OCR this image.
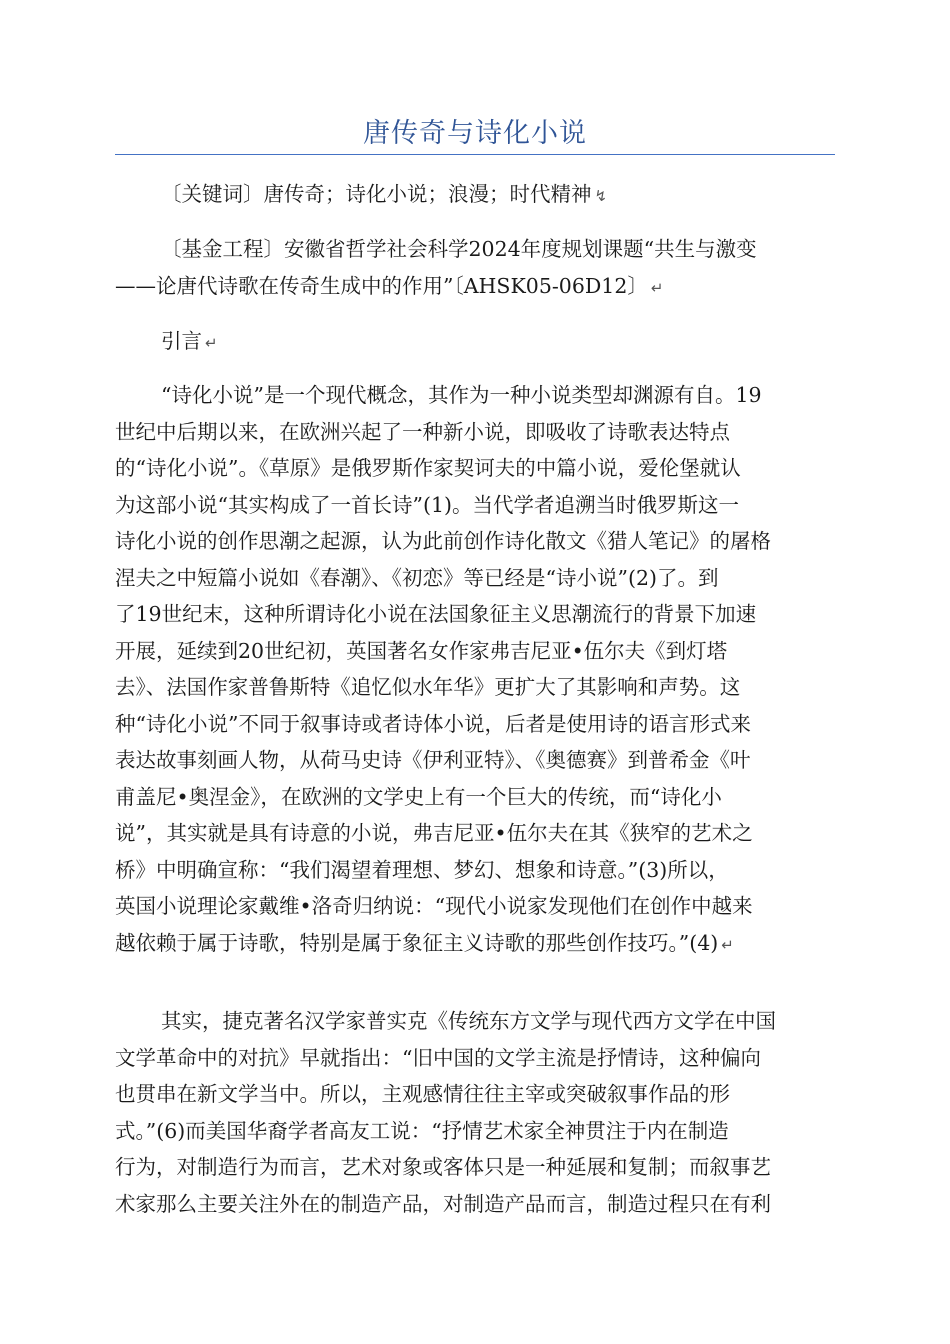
唐传奇与诗化小说

〔关键词〕唐传奇；诗化小说；浪漫；时代精神 ↯

〔基金工程〕安徽省哲学社会科学2024年度规划课题“共生与激变
——论唐代诗歌在传奇生成中的作用”〔AHSK05-06D12〕 ↵

引言 ↵

“诗化小说”是一个现代概念，其作为一种小说类型却渊源有自。19
世纪中后期以来，在欧洲兴起了一种新小说，即吸收了诗歌表达特点
的“诗化小说”。《草原》是俄罗斯作家契诃夫的中篇小说，爱伦堡就认
为这部小说“其实构成了一首长诗”(1)。当代学者追溯当时俄罗斯这一
诗化小说的创作思潮之起源，认为此前创作诗化散文《猎人笔记》的屠格
涅夫之中短篇小说如《春潮》、《初恋》等已经是“诗小说”(2)了。到
了19世纪末，这种所谓诗化小说在法国象征主义思潮流行的背景下加速
开展，延续到20世纪初，英国著名女作家弗吉尼亚•伍尔夫《到灯塔
去》、法国作家普鲁斯特《追忆似水年华》更扩大了其影响和声势。这
种“诗化小说”不同于叙事诗或者诗体小说，后者是使用诗的语言形式来
表达故事刻画人物，从荷马史诗《伊利亚特》、《奥德赛》到普希金《叶
甫盖尼•奥涅金》，在欧洲的文学史上有一个巨大的传统，而“诗化小
说”，其实就是具有诗意的小说，弗吉尼亚•伍尔夫在其《狭窄的艺术之
桥》中明确宣称：“我们渴望着理想、梦幻、想象和诗意。”(3)所以，
英国小说理论家戴维•洛奇归纳说：“现代小说家发现他们在创作中越来
越依赖于属于诗歌，特别是属于象征主义诗歌的那些创作技巧。”(4) ↵
其实，捷克著名汉学家普实克《传统东方文学与现代西方文学在中国
文学革命中的对抗》早就指出：“旧中国的文学主流是抒情诗，这种偏向
也贯串在新文学当中。所以，主观感情往往主宰或突破叙事作品的形
式。”(6)而美国华裔学者高友工说：“抒情艺术家全神贯注于内在制造
行为，对制造行为而言，艺术对象或客体只是一种延展和复制；而叙事艺
术家那么主要关注外在的制造产品，对制造产品而言，制造过程只在有利
